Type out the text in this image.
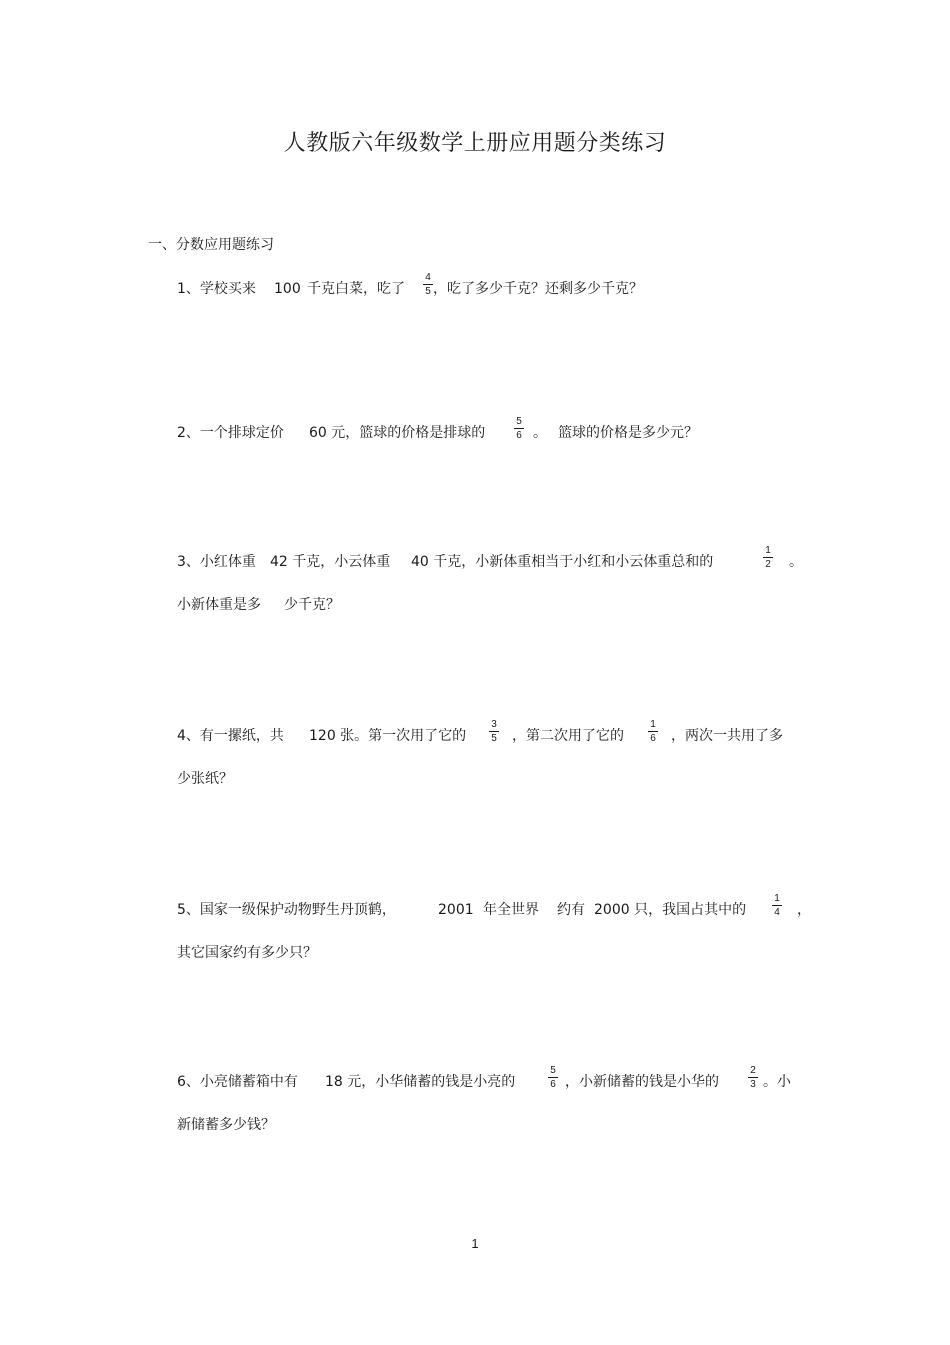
人教版六年级数学上册应用题分类练习
一、分数应用题练习
1、学校买来 100 千克白菜，吃了
4
5 ，吃了多少千克？还剩多少千克？
2、一个排球定价 60 元，篮球的价格是排球的
5
6 。 篮球的价格是多少元？
3、小红体重 42 千克，小云体重 40 千克，小新体重相当于小红和小云体重总和的
1
2 。
小新体重是多 少千克？
4、有一摞纸，共 120 张。第一次用了它的
3
5 ，第二次用了它的
1
6 ，两次一共用了多
少张纸？
5、国家一级保护动物野生丹顶鹤，	2001 年全世界 约有 2000 只，我国占其中的
1
4 ，
其它国家约有多少只？
6、小亮储蓄箱中有 18 元，小华储蓄的钱是小亮的
5
6 ，小新储蓄的钱是小华的
2
3 。小
新储蓄多少钱？
1
